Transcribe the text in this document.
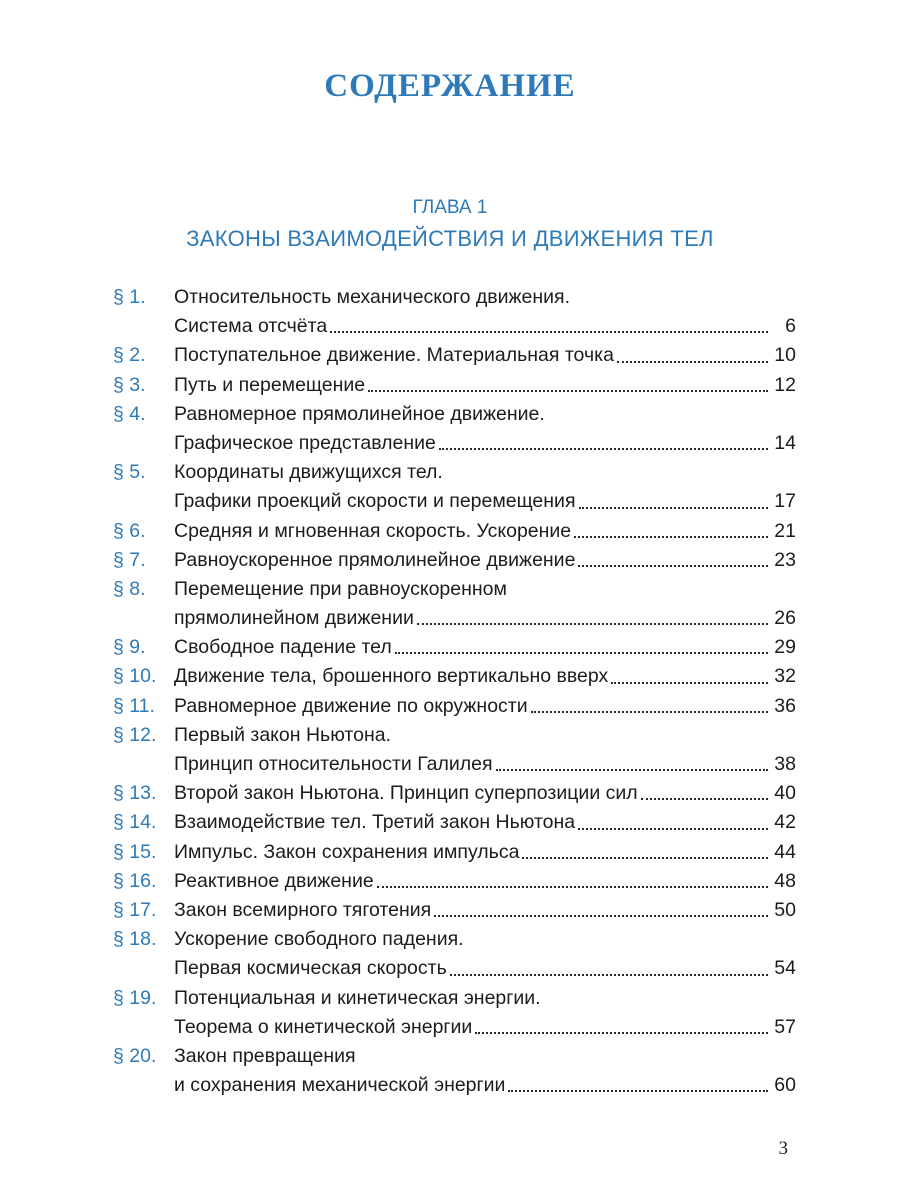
СОДЕРЖАНИЕ
ГЛАВА 1
ЗАКОНЫ ВЗАИМОДЕЙСТВИЯ И ДВИЖЕНИЯ ТЕЛ
§ 1.	Относительность механического движения.
Система отсчёта	6
§ 2.	Поступательное движение. Материальная точка	10
§ 3.	Путь и перемещение	12
§ 4.	Равномерное прямолинейное движение.
Графическое представление	14
§ 5.	Координаты движущихся тел.
Графики проекций скорости и перемещения	17
§ 6.	Средняя и мгновенная скорость. Ускорение	21
§ 7.	Равноускоренное прямолинейное движение	23
§ 8.	Перемещение при равноускоренном
прямолинейном движении	26
§ 9.	Свободное падение тел	29
§ 10. Движение тела, брошенного вертикально вверх	32
§ 11. Равномерное движение по окружности	36
§ 12. Первый закон Ньютона.
Принцип относительности Галилея	38
§ 13. Второй закон Ньютона. Принцип суперпозиции сил	40
§ 14. Взаимодействие тел. Третий закон Ньютона	42
§ 15. Импульс. Закон сохранения импульса	44
§ 16. Реактивное движение	48
§ 17. Закон всемирного тяготения	50
§ 18. Ускорение свободного падения.
Первая космическая скорость	54
§ 19. Потенциальная и кинетическая энергии.
Теорема о кинетической энергии	57
§ 20. Закон превращения
и сохранения механической энергии	60
3
